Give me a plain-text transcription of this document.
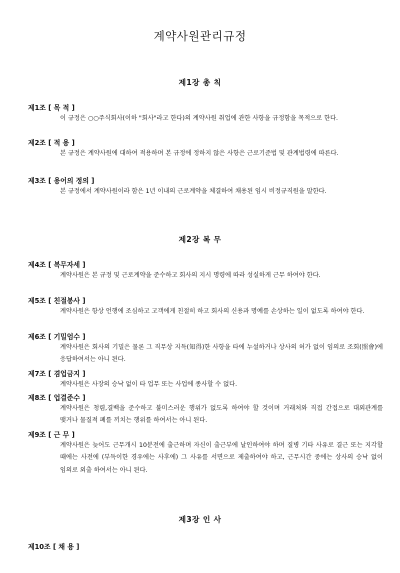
계약사원관리규정
제1장 총 칙
제1조 [ 목 적 ]
이 규정은 ○○주식회사(이하 "회사"라고 한다)의 계약사원 취업에 관한 사항을 규정함을 목적으로 한다.
제2조 [ 적 용 ]
본 규정은 계약사원에 대하여 적용하며 본 규정에 정하지 않은 사항은 근로기준법 및 관계법령에 따른다.
제3조 [ 용어의 정의 ]
본 규정에서 계약사원이라 함은 1년 이내의 근로계약을 체결하여 채용된 임시 비정규직원을 말한다.
제2장 복 무
제4조 [ 복무자세 ]
계약사원은 본 규정 및 근로계약을 준수하고 회사의 지시 명령에 따라 성실하게 근무 하여야 한다.
제5조 [ 친절봉사 ]
계약사원은 항상 언행에 조심하고 고객에게 친절히 하고 회사의 신용과 명예를 손상하는 일이 없도록 하여야 한다.
제6조 [ 기밀엄수 ]
계약사원은 회사의 기밀은 물론 그 직무상 지득(知得)한 사항을 타에 누설하거나 상사의 허가 없이 임의로 조회(照會)에 응답하여서는 아니 된다.
제7조 [ 겸업금지 ]
계약사원은 사장의 승낙 없이 타 업무 또는 사업에 종사할 수 없다.
제8조 [ 업결준수 ]
계약사원은 청렴,결백을 준수하고 불미스러운 행위가 없도록 하여야 할 것이며 거래처와 직접 간접으로 대외관계를 맺거나 물질적 폐를 끼치는 행위를 하여서는 아니 된다.
제9조 [ 근 무 ]
계약사원은 늦어도 근무개시 10분전에 출근하며 자신이 출근부에 날인하여야 하며 질병 기타 사유로 결근 또는 지각할 때에는 사전에 (부득이한 경우에는 사후에) 그 사유를 서면으로 제출하여야 하고, 근무시간 중에는 상사의 승낙 없이 임의로 외출 하여서는 아니 된다.
제3장 인 사
제10조 [ 채 용 ]
